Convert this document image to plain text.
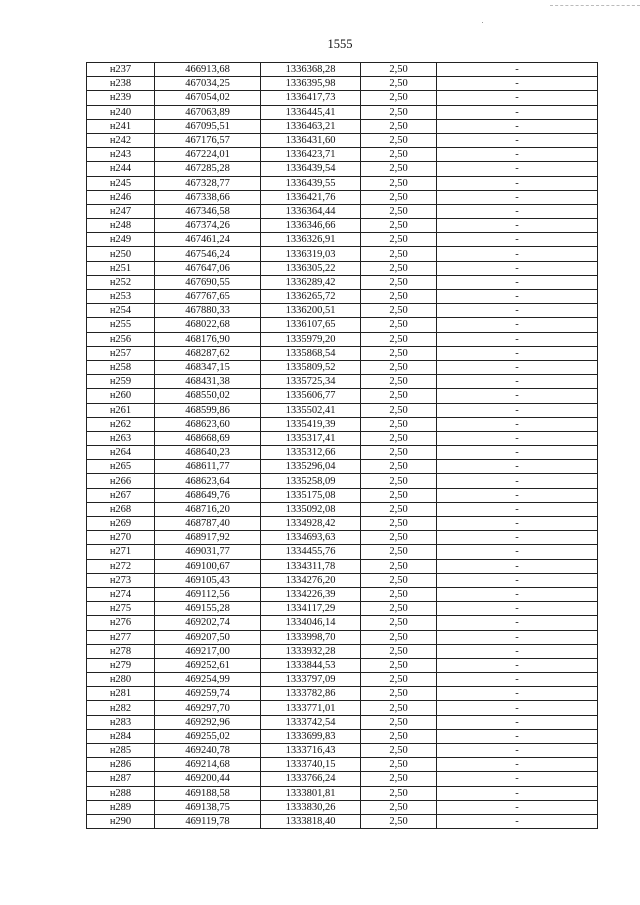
1555
н237	466913,68	1336368,28	2,50	-
н238	467034,25	1336395,98	2,50	-
н239	467054,02	1336417,73	2,50	-
н240	467063,89	1336445,41	2,50	-
н241	467095,51	1336463,21	2,50	-
н242	467176,57	1336431,60	2,50	-
н243	467224,01	1336423,71	2,50	-
н244	467285,28	1336439,54	2,50	-
н245	467328,77	1336439,55	2,50	-
н246	467338,66	1336421,76	2,50	-
н247	467346,58	1336364,44	2,50	-
н248	467374,26	1336346,66	2,50	-
н249	467461,24	1336326,91	2,50	-
н250	467546,24	1336319,03	2,50	-
н251	467647,06	1336305,22	2,50	-
н252	467690,55	1336289,42	2,50	-
н253	467767,65	1336265,72	2,50	-
н254	467880,33	1336200,51	2,50	-
н255	468022,68	1336107,65	2,50	-
н256	468176,90	1335979,20	2,50	-
н257	468287,62	1335868,54	2,50	-
н258	468347,15	1335809,52	2,50	-
н259	468431,38	1335725,34	2,50	-
н260	468550,02	1335606,77	2,50	-
н261	468599,86	1335502,41	2,50	-
н262	468623,60	1335419,39	2,50	-
н263	468668,69	1335317,41	2,50	-
н264	468640,23	1335312,66	2,50	-
н265	468611,77	1335296,04	2,50	-
н266	468623,64	1335258,09	2,50	-
н267	468649,76	1335175,08	2,50	-
н268	468716,20	1335092,08	2,50	-
н269	468787,40	1334928,42	2,50	-
н270	468917,92	1334693,63	2,50	-
н271	469031,77	1334455,76	2,50	-
н272	469100,67	1334311,78	2,50	-
н273	469105,43	1334276,20	2,50	-
н274	469112,56	1334226,39	2,50	-
н275	469155,28	1334117,29	2,50	-
н276	469202,74	1334046,14	2,50	-
н277	469207,50	1333998,70	2,50	-
н278	469217,00	1333932,28	2,50	-
н279	469252,61	1333844,53	2,50	-
н280	469254,99	1333797,09	2,50	-
н281	469259,74	1333782,86	2,50	-
н282	469297,70	1333771,01	2,50	-
н283	469292,96	1333742,54	2,50	-
н284	469255,02	1333699,83	2,50	-
н285	469240,78	1333716,43	2,50	-
н286	469214,68	1333740,15	2,50	-
н287	469200,44	1333766,24	2,50	-
н288	469188,58	1333801,81	2,50	-
н289	469138,75	1333830,26	2,50	-
н290	469119,78	1333818,40	2,50	-
